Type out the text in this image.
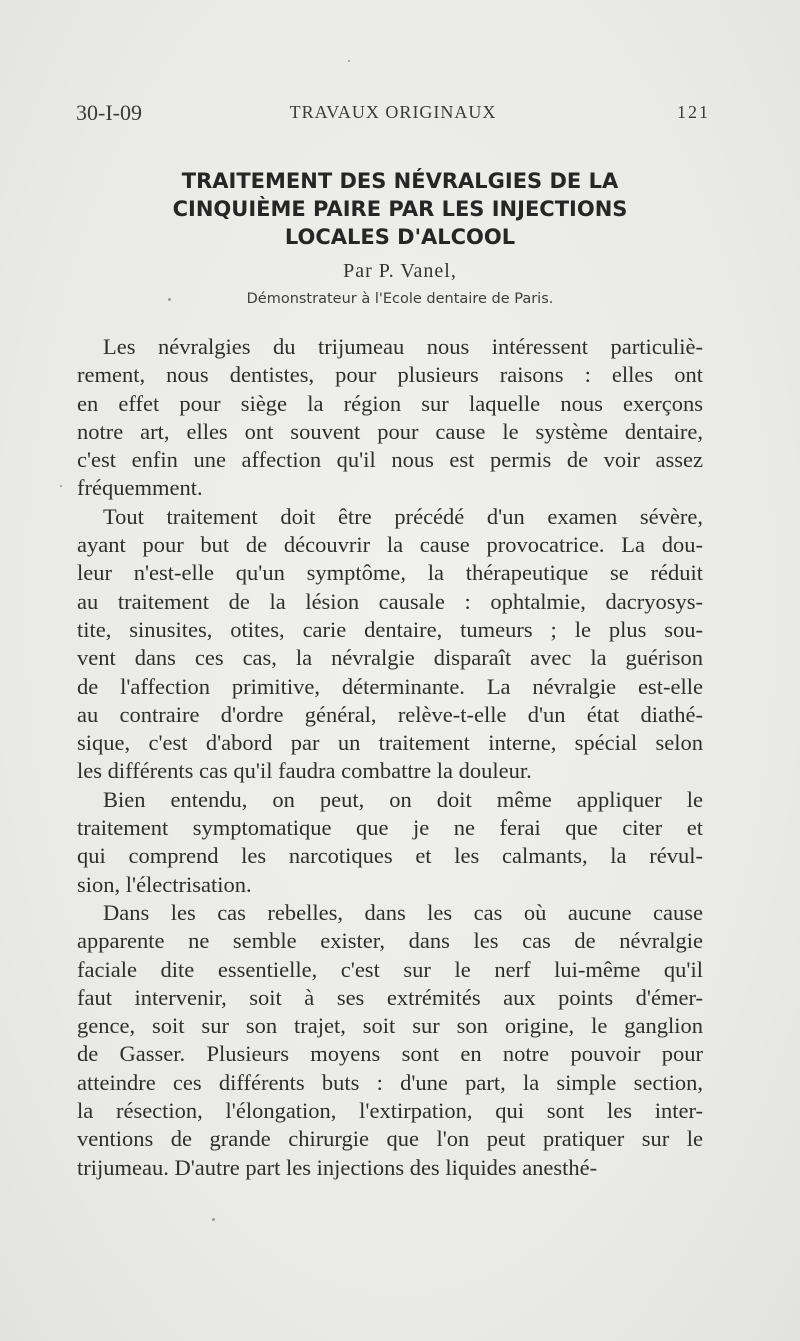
30-I-09	TRAVAUX ORIGINAUX	121
TRAITEMENT DES NÉVRALGIES DE LA
CINQUIÈME PAIRE PAR LES INJECTIONS
LOCALES D'ALCOOL
Par P. Vanel,
Démonstrateur à l'Ecole dentaire de Paris.
Les névralgies du trijumeau nous intéressent particuliè-
rement, nous dentistes, pour plusieurs raisons : elles ont
en effet pour siège la région sur laquelle nous exerçons
notre art, elles ont souvent pour cause le système dentaire,
c'est enfin une affection qu'il nous est permis de voir assez
fréquemment.
Tout traitement doit être précédé d'un examen sévère,
ayant pour but de découvrir la cause provocatrice. La dou-
leur n'est-elle qu'un symptôme, la thérapeutique se réduit
au traitement de la lésion causale : ophtalmie, dacryosys-
tite, sinusites, otites, carie dentaire, tumeurs ; le plus sou-
vent dans ces cas, la névralgie disparaît avec la guérison
de l'affection primitive, déterminante. La névralgie est-elle
au contraire d'ordre général, relève-t-elle d'un état diathé-
sique, c'est d'abord par un traitement interne, spécial selon
les différents cas qu'il faudra combattre la douleur.
Bien entendu, on peut, on doit même appliquer le
traitement symptomatique que je ne ferai que citer et
qui comprend les narcotiques et les calmants, la révul-
sion, l'électrisation.
Dans les cas rebelles, dans les cas où aucune cause
apparente ne semble exister, dans les cas de névralgie
faciale dite essentielle, c'est sur le nerf lui-même qu'il
faut intervenir, soit à ses extrémités aux points d'émer-
gence, soit sur son trajet, soit sur son origine, le ganglion
de Gasser. Plusieurs moyens sont en notre pouvoir pour
atteindre ces différents buts : d'une part, la simple section,
la résection, l'élongation, l'extirpation, qui sont les inter-
ventions de grande chirurgie que l'on peut pratiquer sur le
trijumeau. D'autre part les injections des liquides anesthé-
